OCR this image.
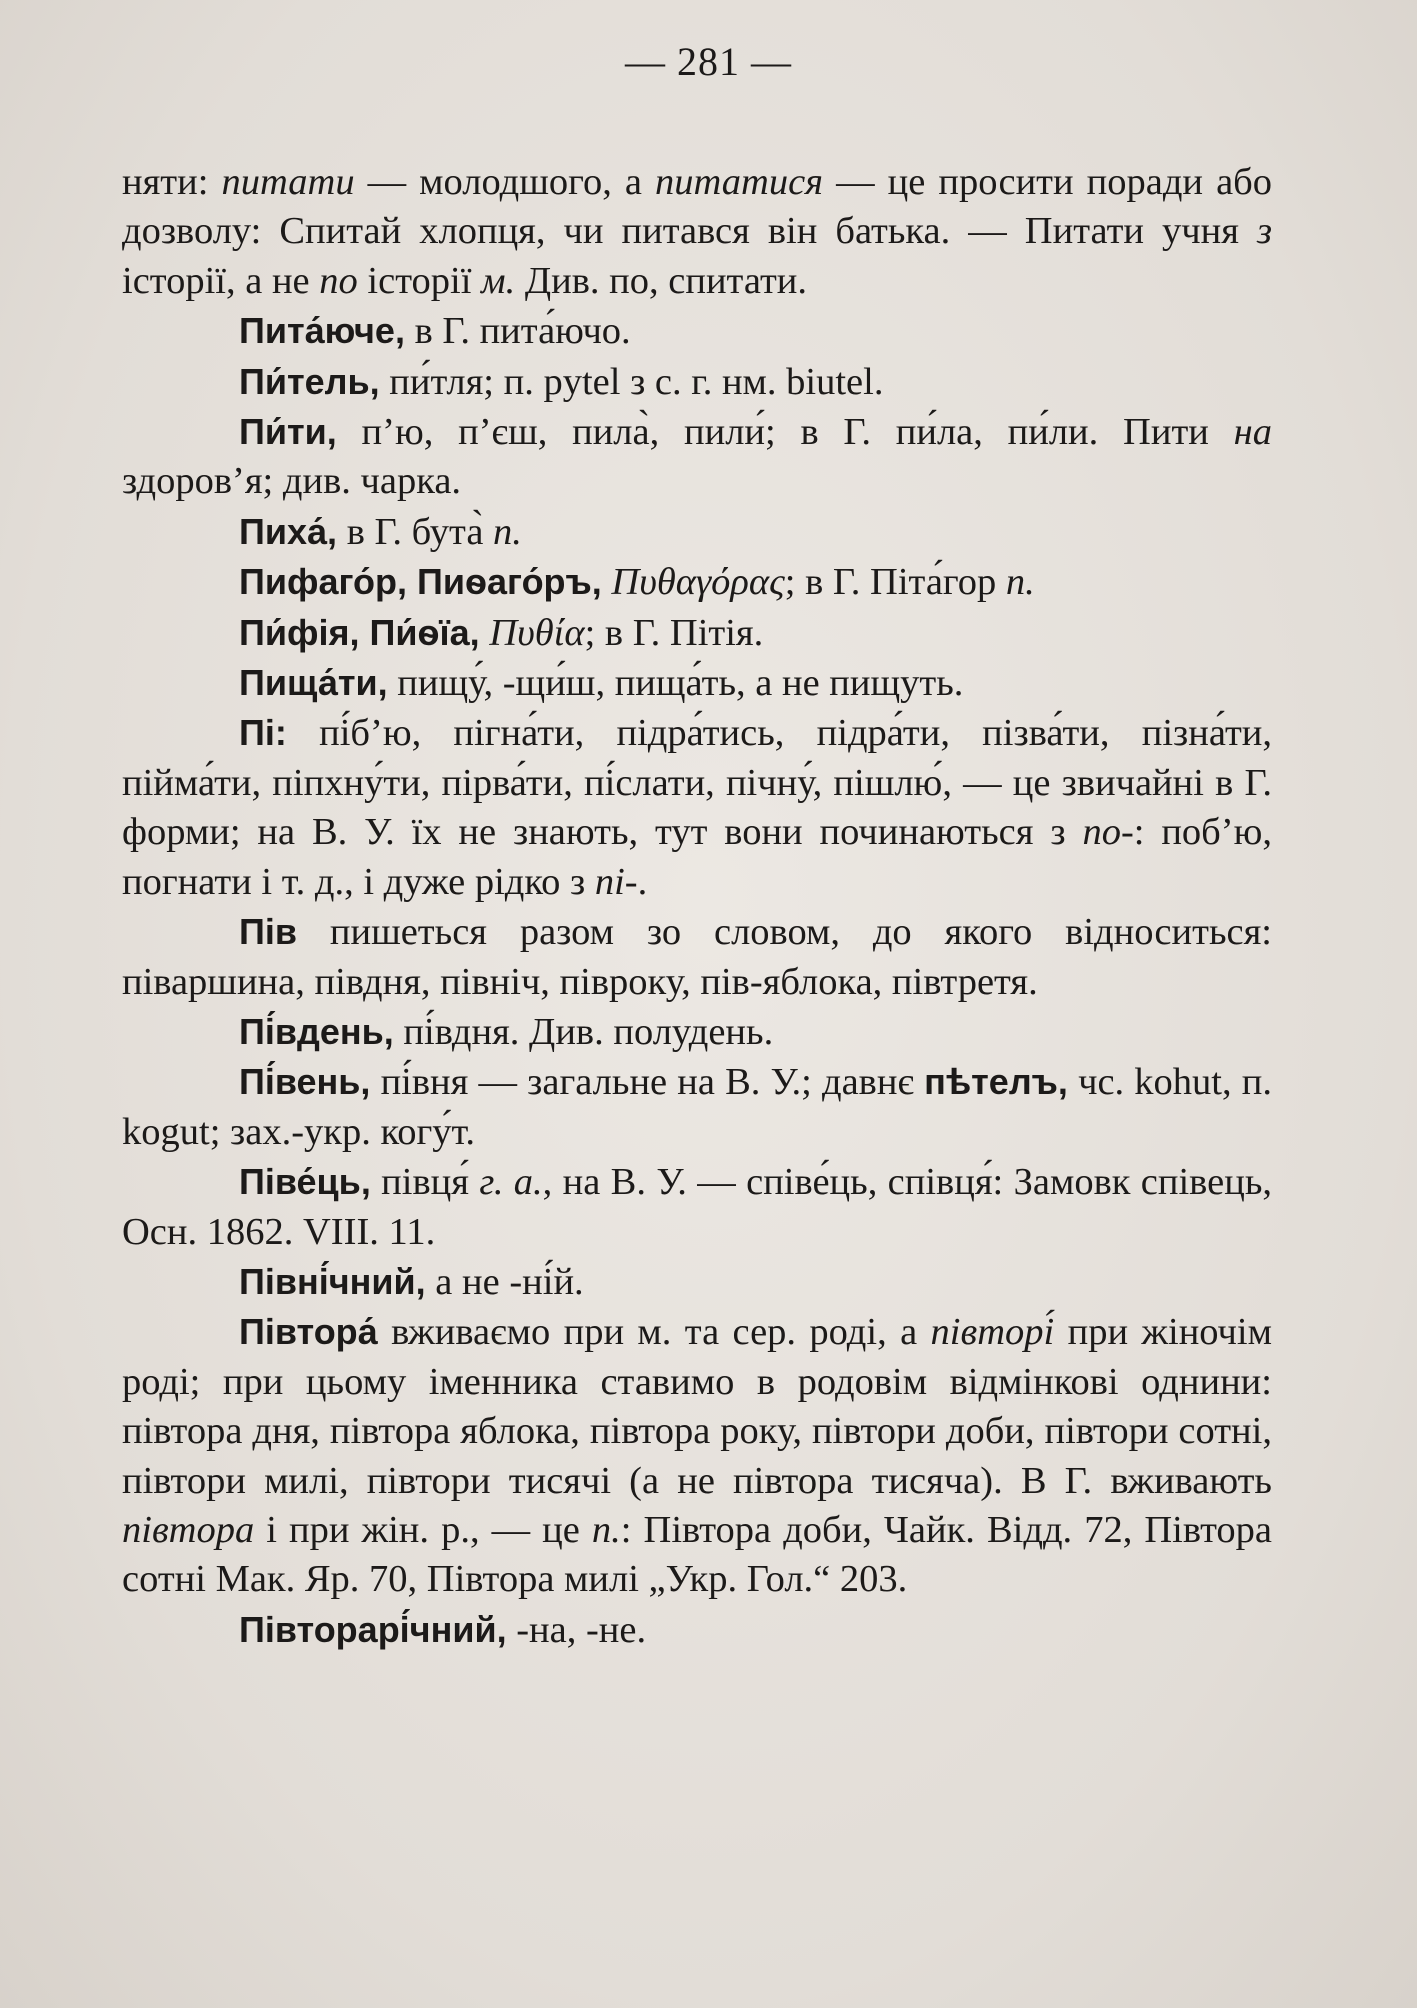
— 281 —

няти: питати — молодшого, а питатися — це просити поради або дозволу: Спитай хлопця, чи питався він батька. — Питати учня з історії, а не по історії м. Див. по, спитати.

Пита́юче, в Г. пита́ючо.

Пи́тель, пи́тля; п. pytel з с. г. нм. biutel.

Пи́ти, п’ю, п’єш, пила̀, пили́; в Г. пи́ла, пи́ли. Пити на здоров’я; див. чарка.

Пиха́, в Г. бута̀ п.

Пифаго́р, Пиѳаго́ръ, Πυθαγόρας; в Г. Піта́гор п.

Пи́фія, Пи́ѳїа, Πυθία; в Г. Пітія.

Пища́ти, пищу́, -щи́ш, пища́ть, а не пищуть.

Пі: пі́б’ю, пігна́ти, підра́тись, підра́ти, пізва́ти, пізна́ти, пійма́ти, піпхну́ти, пірва́ти, пі́слати, пічну́, пішлю́, — це звичайні в Г. форми; на В. У. їх не знають, тут вони починаються з по-: поб’ю, погнати і т. д., і дуже рідко з пі-.

Пів пишеться разом зо словом, до якого відноситься: піваршина, півдня, північ, півроку, пів-яблока, півтретя.

Пі́вдень, пі́вдня. Див. полудень.

Пі́вень, пі́вня — загальне на В. У.; давнє пѣтелъ, чс. kohut, п. kogut; зах.-укр. когу́т.

Піве́ць, півця́ г. а., на В. У. — співе́ць, співця́: Замовк співець, Осн. 1862. VIII. 11.

Півні́чний, а не -ні́й.

Півтора́ вживаємо при м. та сер. роді, а півторі́ при жіночім роді; при цьому іменника ставимо в родовім відмінкові однини: півтора дня, півтора яблока, півтора року, півтори доби, півтори сотні, півтори милі, півтори тисячі (а не півтора тисяча). В Г. вживають півтора і при жін. р., — це п.: Півтора доби, Чайк. Відд. 72, Півтора сотні Мак. Яр. 70, Півтора милі „Укр. Гол.“ 203.

Півторарі́чний, -на, -не.
